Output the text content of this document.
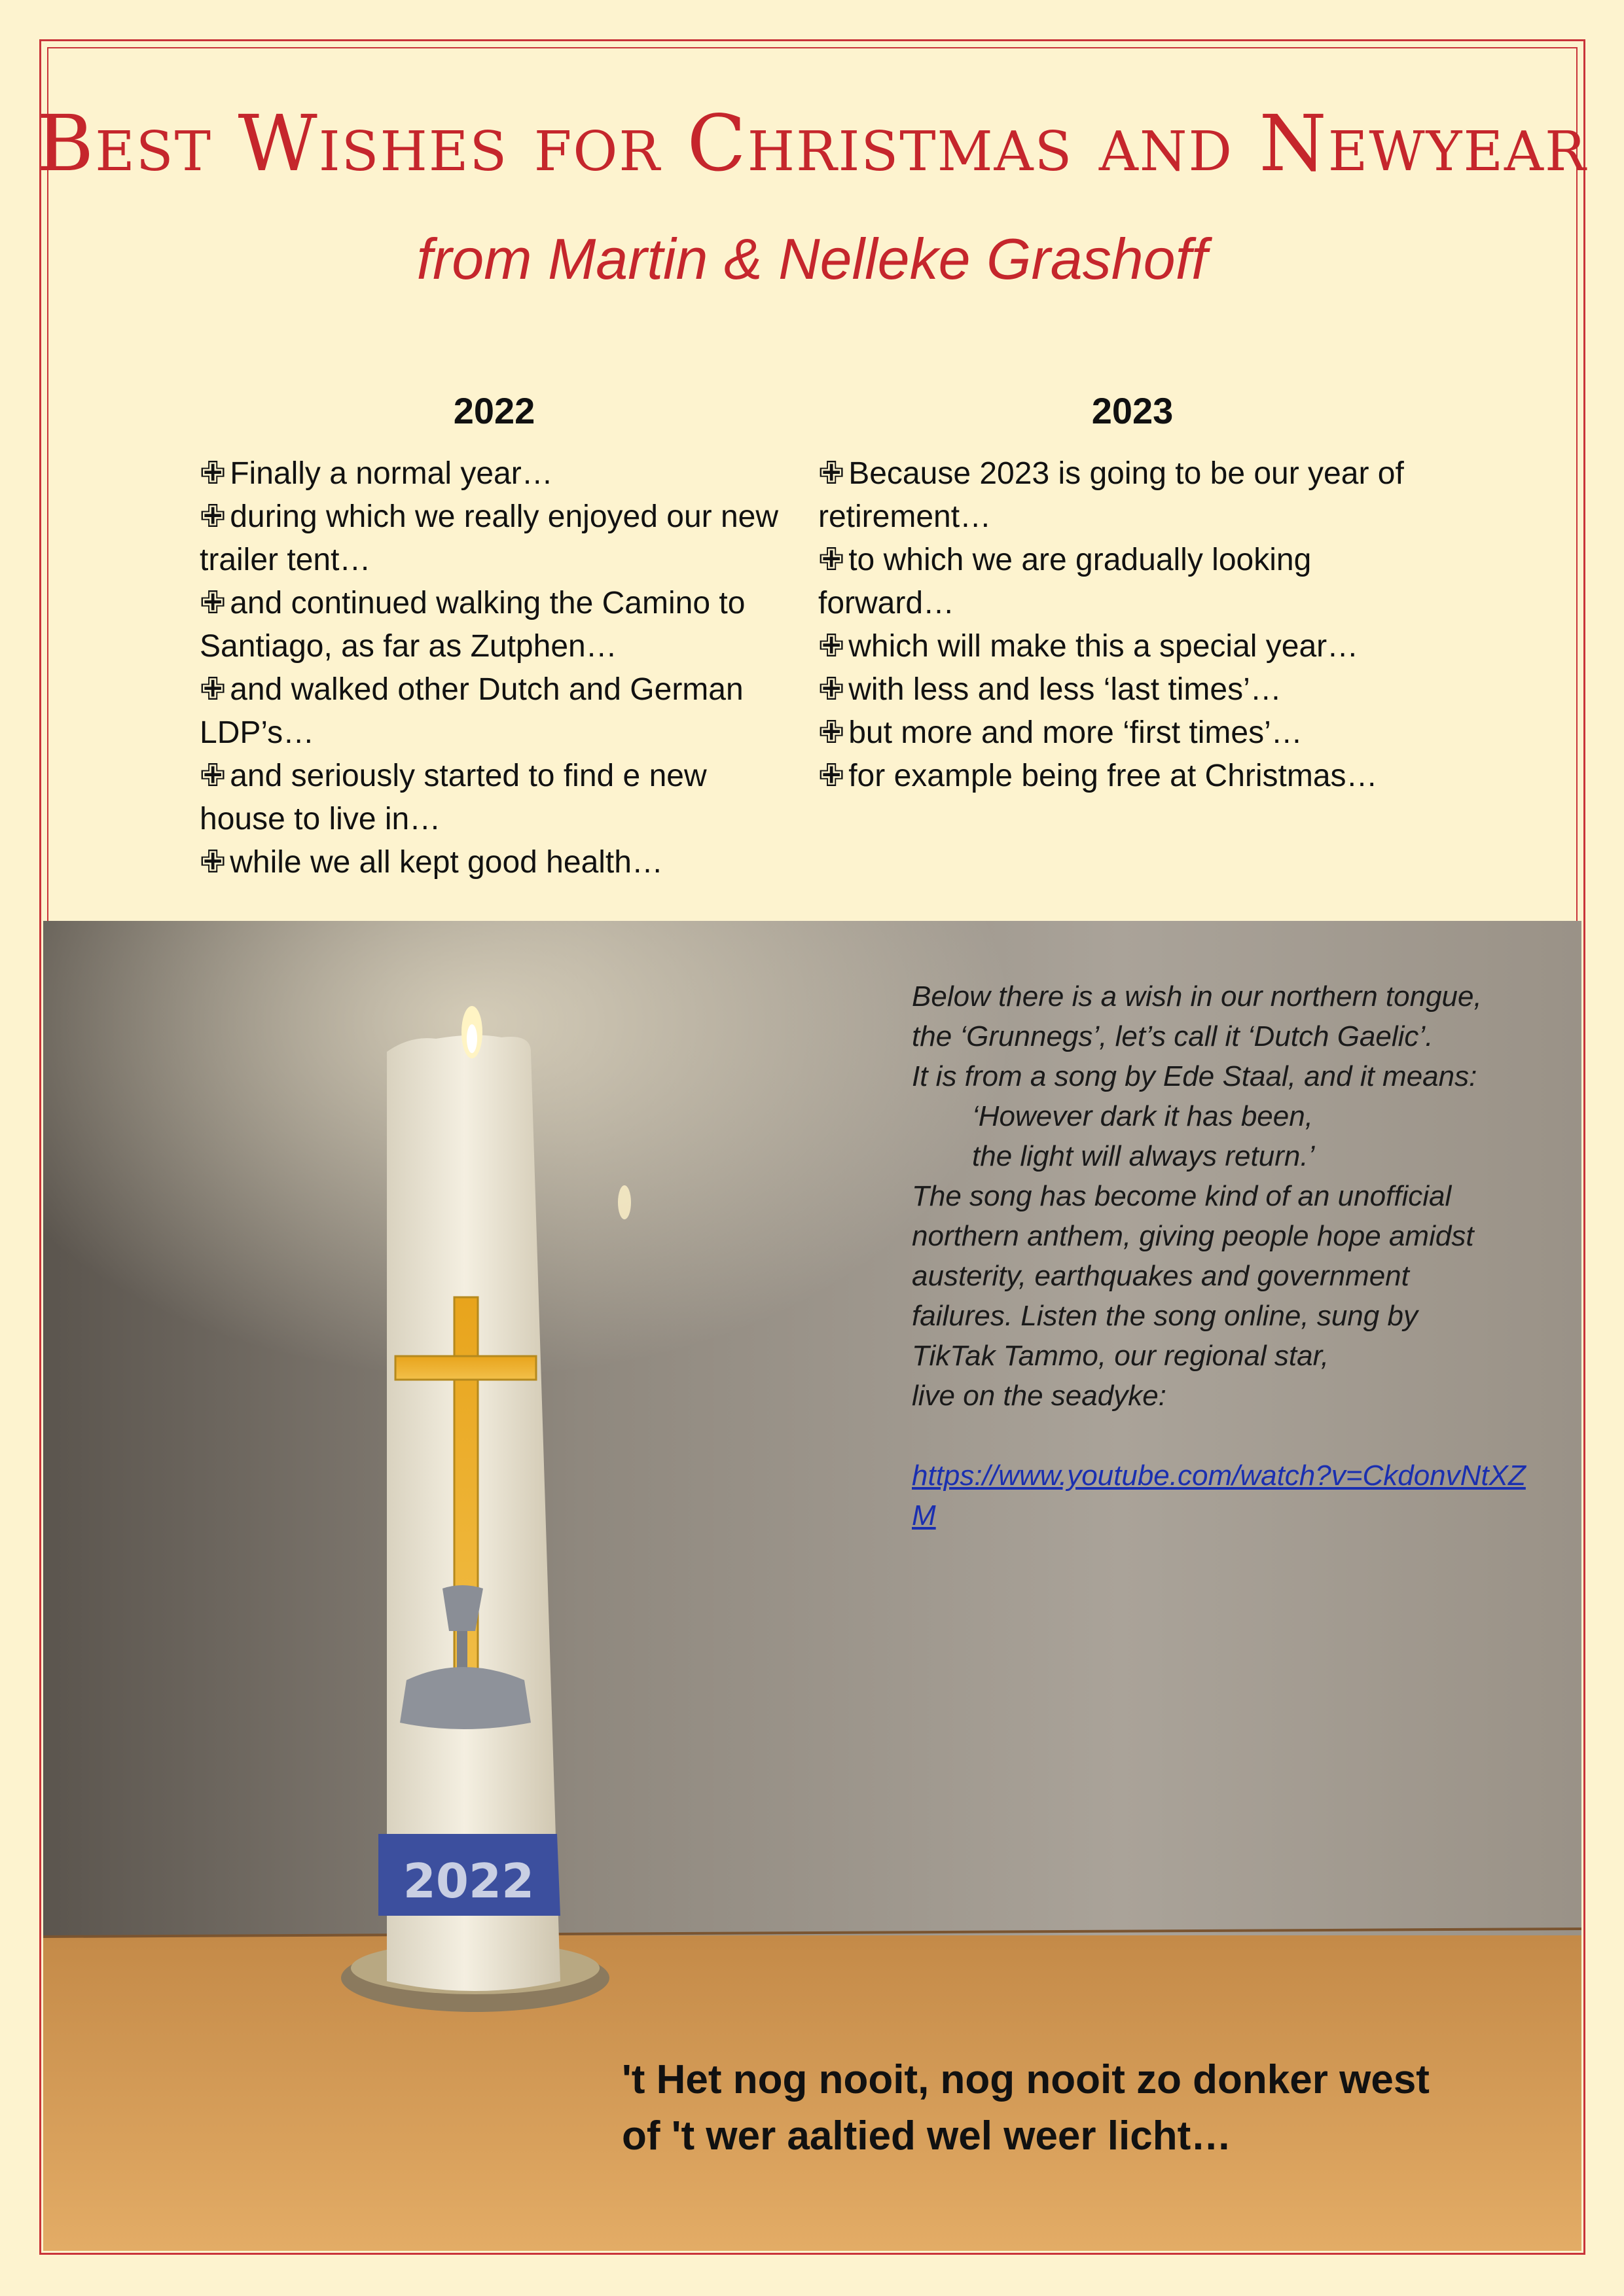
Best Wishes for Christmas and Newyear
from Martin & Nelleke Grashoff
2022
✙ Finally a normal year…
✙ during which we really enjoyed our new trailer tent…
✙ and continued walking the Camino to Santiago, as far as Zutphen…
✙ and walked other Dutch and German LDP’s…
✙ and seriously started to find e new house to live in…
✙ while we all kept good health…
2023
✙ Because 2023 is going to be our year of retirement…
✙ to which we are gradually looking forward…
✙ which will make this a special year…
✙ with less and less ‘last times’…
✙ but more and more ‘first times’…
✙ for example being free at Christmas…
2022

Below there is a wish in our northern tongue,

the ‘Grunnegs’, let’s call it ‘Dutch Gaelic’.

It is from a song by Ede Staal, and it means:

‘However dark it has been,

the light will always return.’

The song has become kind of an unofficial

northern anthem, giving people hope amidst

austerity, earthquakes and government

failures. Listen the song online, sung by

TikTak Tammo, our regional star,

live on the seadyke:

https://www.youtube.com/watch?v=CkdonvNtXZM

't Het nog nooit, nog nooit zo donker west

of 't wer aaltied wel weer licht…
